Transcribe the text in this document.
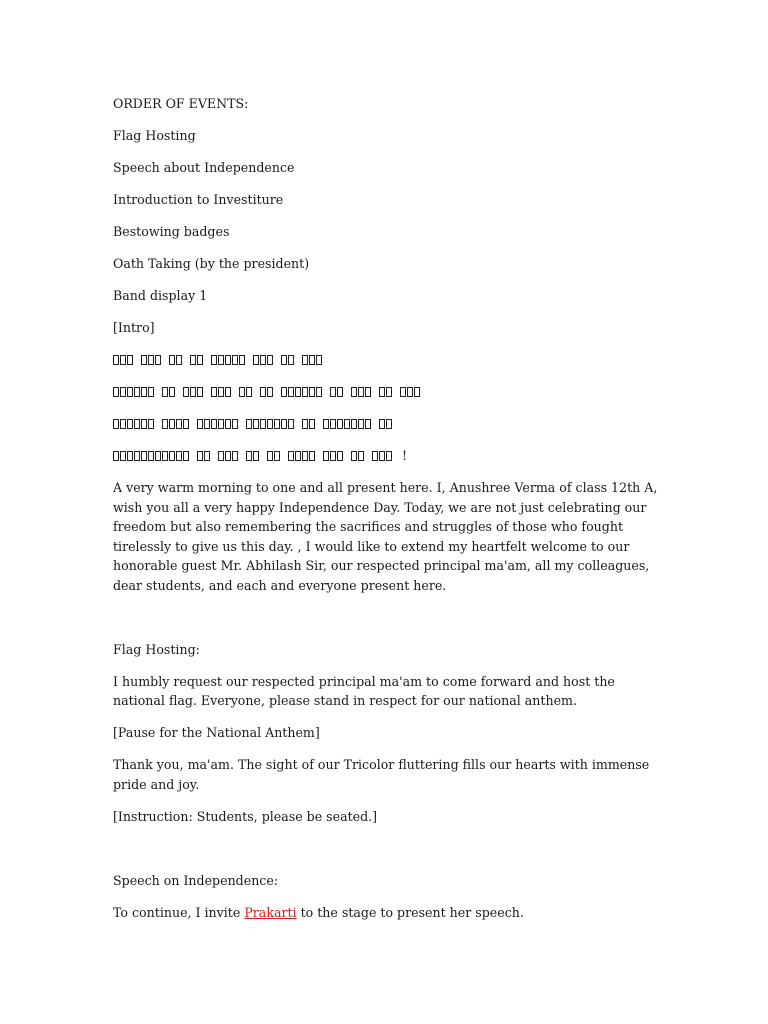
ORDER OF EVENTS:

Flag Hosting

Speech about Independence

Introduction to Investiture

Bestowing badges

Oath Taking (by the president)

Band display 1

[Intro]

!

A very warm morning to one and all present here. I, Anushree Verma of class 12th A, wish you all a very happy Independence Day. Today, we are not just celebrating our freedom but also remembering the sacrifices and struggles of those who fought tirelessly to give us this day. , I would like to extend my heartfelt welcome to our honorable guest Mr. Abhilash Sir, our respected principal ma'am, all my colleagues, dear students, and each and everyone present here.

Flag Hosting:

I humbly request our respected principal ma'am to come forward and host the national flag. Everyone, please stand in respect for our national anthem.

[Pause for the National Anthem]

Thank you, ma'am. The sight of our Tricolor fluttering fills our hearts with immense pride and joy.

[Instruction: Students, please be seated.]

Speech on Independence:

To continue, I invite Prakarti to the stage to present her speech.
